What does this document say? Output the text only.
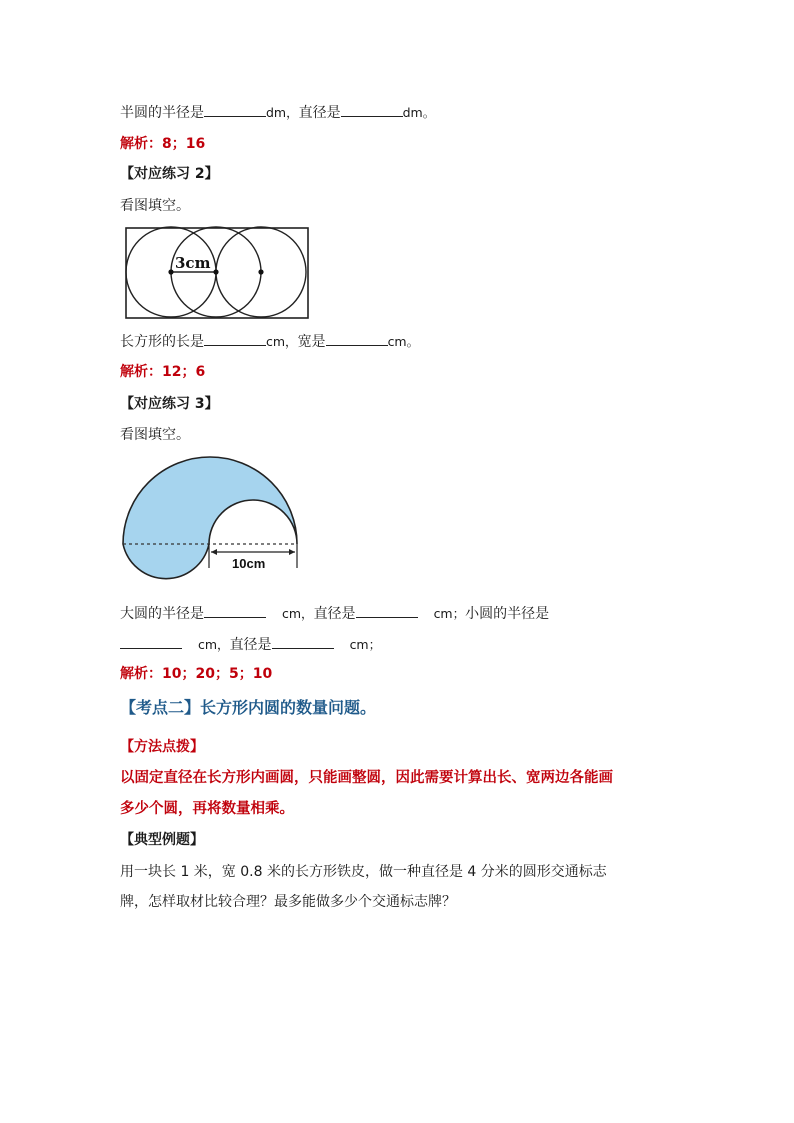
半圆的半径是	dm，直径是	dm。
解析：8；16
【对应练习 2】
看图填空。
3cm
长方形的长是	cm，宽是	cm。
解析：12；6
【对应练习 3】
看图填空。
10cm
大圆的半径是	cm，直径是	cm；小圆的半径是
cm，直径是	cm；
解析：10；20；5；10
【考点二】长方形内圆的数量问题。
【方法点拨】
以固定直径在长方形内画圆，只能画整圆，因此需要计算出长、宽两边各能画
多少个圆，再将数量相乘。
【典型例题】
用一块长 1 米，宽 0.8 米的长方形铁皮，做一种直径是 4 分米的圆形交通标志
牌，怎样取材比较合理？最多能做多少个交通标志牌？
